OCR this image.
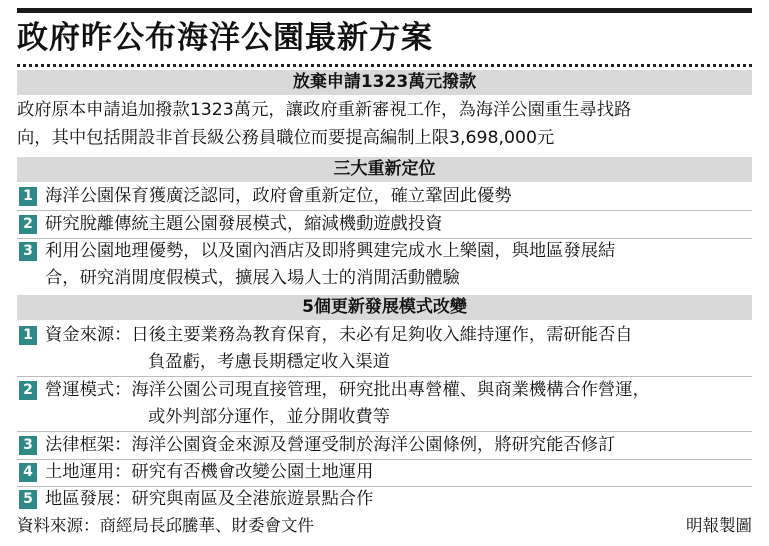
政府昨公布海洋公園最新方案
放棄申請1323萬元撥款
政府原本申請追加撥款1323萬元，讓政府重新審視工作，為海洋公園重生尋找路
向，其中包括開設非首長級公務員職位而要提高編制上限3,698,000元
三大重新定位
1 海洋公園保育獲廣泛認同，政府會重新定位，確立鞏固此優勢
2 研究脫離傳統主題公園發展模式，縮減機動遊戲投資
3 利用公園地理優勢，以及園內酒店及即將興建完成水上樂園，與地區發展結
合，研究消閒度假模式，擴展入場人士的消閒活動體驗
5個更新發展模式改變
1 資金來源： 日後主要業務為教育保育，未必有足夠收入維持運作，需研能否自
負盈虧，考慮長期穩定收入渠道
2 營運模式： 海洋公園公司現直接管理，研究批出專營權、與商業機構合作營運，
或外判部分運作，並分開收費等
3 法律框架： 海洋公園資金來源及營運受制於海洋公園條例，將研究能否修訂
4 土地運用： 研究有否機會改變公園土地運用
5 地區發展： 研究與南區及全港旅遊景點合作
資料來源：商經局長邱騰華、財委會文件	明報製圖
